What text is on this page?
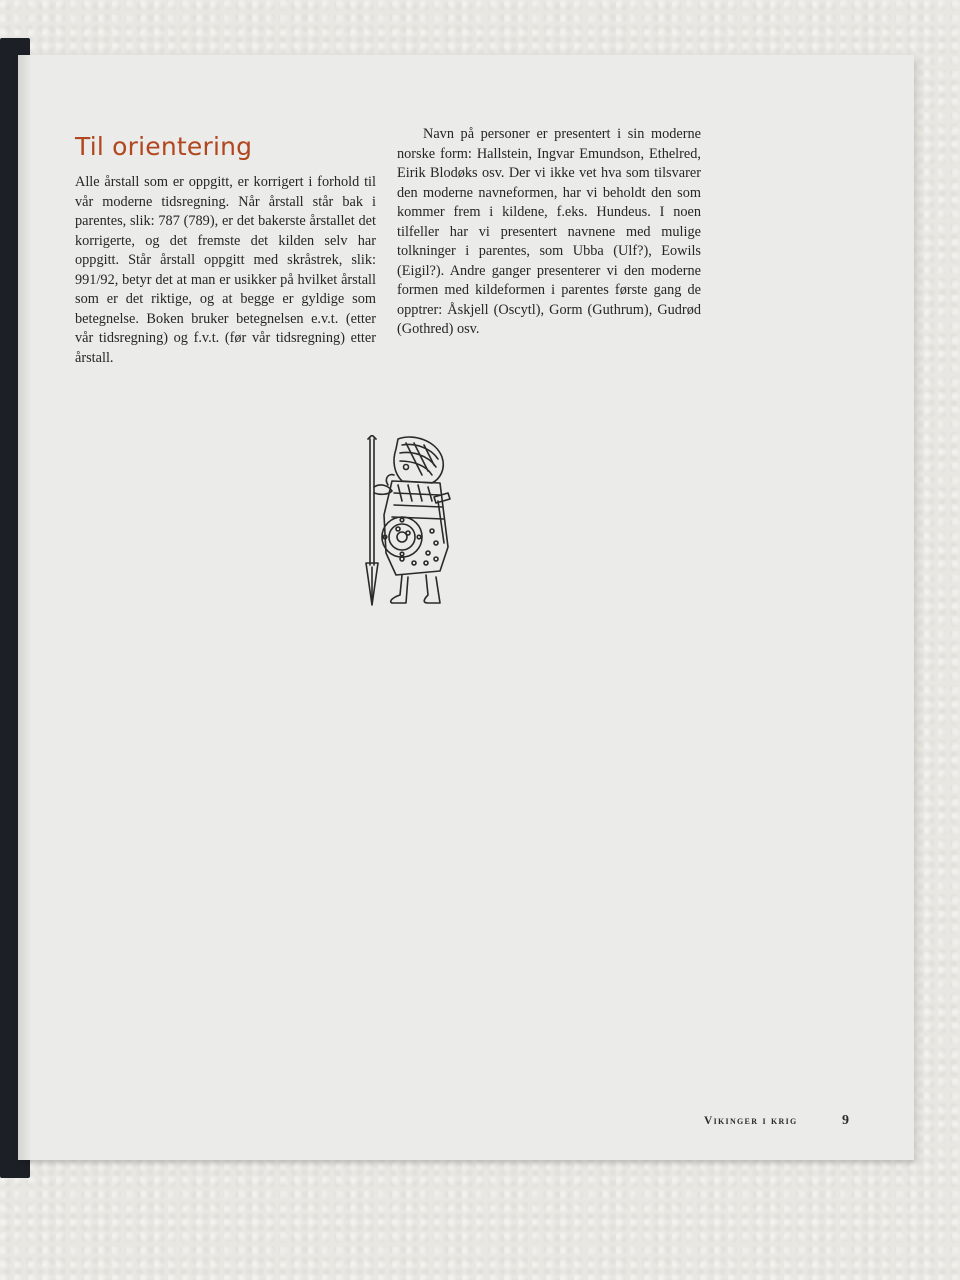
Alle årstall som er oppgitt, er korrigert i forhold til vår moderne tidsregning. Når årstall står bak i parentes, slik: 787 (789), er det bakerste årstallet det korrigerte, og det fremste det kilden selv har oppgitt. Står årstall oppgitt med skråstrek, slik: 991/92, betyr det at man er usikker på hvilket årstall som er det riktige, og at begge er gyldige som betegnelse. Boken bruker betegnelsen e.v.t. (etter vår tidsregning) og f.v.t. (før vår tidsregning) etter årstall.

Til orientering	Navn på personer er presentert i sin moderne norske form: Hallstein, Ingvar Emundson, Ethelred, Eirik Blodøks osv. Der vi ikke vet hva som tilsvarer den moderne navneformen, har vi beholdt den som kommer frem i kildene, f.eks. Hundeus. I noen tilfeller har vi presentert navnene med mulige tolkninger i parentes, som Ubba (Ulf?), Eowils (Eigil?). Andre ganger presenterer vi den moderne formen med kildeformen i parentes første gang de opptrer: Åskjell (Oscytl), Gorm (Guthrum), Gudrød (Gothred) osv.

Vikinger i krig	9
